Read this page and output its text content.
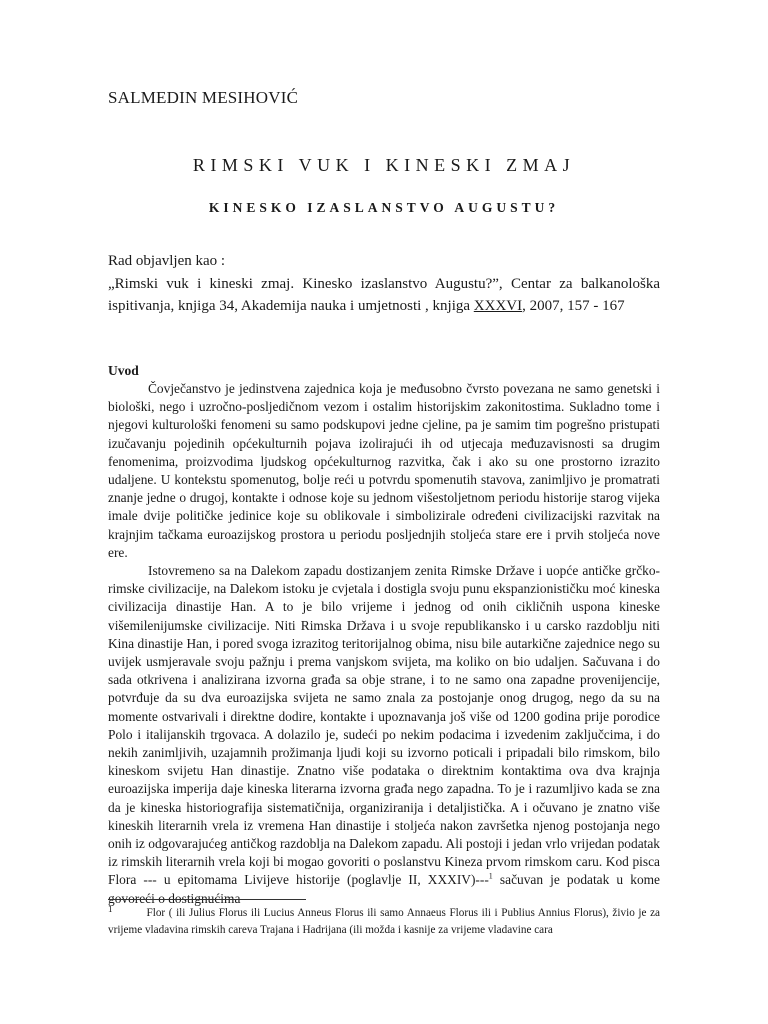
SALMEDIN MESIHOVIĆ
RIMSKI VUK I KINESKI ZMAJ
KINESKO IZASLANSTVO AUGUSTU?
Rad objavljen kao :
„Rimski vuk i kineski zmaj. Kinesko izaslanstvo Augustu?”, Centar za balkanološka ispitivanja, knjiga 34, Akademija nauka i umjetnosti , knjiga XXXVI, 2007, 157 - 167
Uvod

Čovječanstvo je jedinstvena zajednica koja je međusobno čvrsto povezana ne samo genetski i biološki, nego i uzročno-posljedičnom vezom i ostalim historijskim zakonitostima. Sukladno tome i njegovi kulturološki fenomeni su samo podskupovi jedne cjeline, pa je samim tim pogrešno pristupati izučavanju pojedinih općekulturnih pojava izolirajući ih od utjecaja međuzavisnosti sa drugim fenomenima, proizvodima ljudskog općekulturnog razvitka, čak i ako su one prostorno izrazito udaljene. U kontekstu spomenutog, bolje reći u potvrdu spomenutih stavova, zanimljivo je promatrati znanje jedne o drugoj, kontakte i odnose koje su jednom višestoljetnom periodu historije starog vijeka imale dvije političke jedinice koje su oblikovale i simbolizirale određeni civilizacijski razvitak na krajnjim tačkama euroazijskog prostora u periodu posljednjih stoljeća stare ere i prvih stoljeća nove ere.

Istovremeno sa na Dalekom zapadu dostizanjem zenita Rimske Države i uopće antičke grčko-rimske civilizacije, na Dalekom istoku je cvjetala i dostigla svoju punu ekspanzionističku moć kineska civilizacija dinastije Han. A to je bilo vrijeme i jednog od onih cikličnih uspona kineske višemilenijumske civilizacije. Niti Rimska Država i u svoje republikansko i u carsko razdoblju niti Kina dinastije Han, i pored svoga izrazitog teritorijalnog obima, nisu bile autarkične zajednice nego su uvijek usmjeravale svoju pažnju i prema vanjskom svijeta, ma koliko on bio udaljen. Sačuvana i do sada otkrivena i analizirana izvorna građa sa obje strane, i to ne samo ona zapadne provenijencije, potvrđuje da su dva euroazijska svijeta ne samo znala za postojanje onog drugog, nego da su na momente ostvarivali i direktne dodire, kontakte i upoznavanja još više od 1200 godina prije porodice Polo i italijanskih trgovaca. A dolazilo je, sudeći po nekim podacima i izvedenim zaključcima, i do nekih zanimljivih, uzajamnih prožimanja ljudi koji su izvorno poticali i pripadali bilo rimskom, bilo kineskom svijetu Han dinastije. Znatno više podataka o direktnim kontaktima ova dva krajnja euroazijska imperija daje kineska literarna izvorna građa nego zapadna. To je i razumljivo kada se zna da je kineska historiografija sistematičnija, organiziranija i detaljistička. A i očuvano je znatno više kineskih literarnih vrela iz vremena Han dinastije i stoljeća nakon završetka njenog postojanja nego onih iz odgovarajućeg antičkog razdoblja na Dalekom zapadu. Ali postoji i jedan vrlo vrijedan podatak iz rimskih literarnih vrela koji bi mogao govoriti o poslanstvu Kineza prvom rimskom caru. Kod pisca Flora --- u epitomama Livijeve historije (poglavlje II, XXXIV)---$^1$ sačuvan je podatak u kome govoreći o dostignućima

$^1$	Flor ( ili Julius Florus ili Lucius Anneus Florus ili samo Annaeus Florus ili i Publius Annius Florus), živio je za vrijeme vladavina rimskih careva Trajana i Hadrijana (ili možda i kasnije za vrijeme vladavine cara
